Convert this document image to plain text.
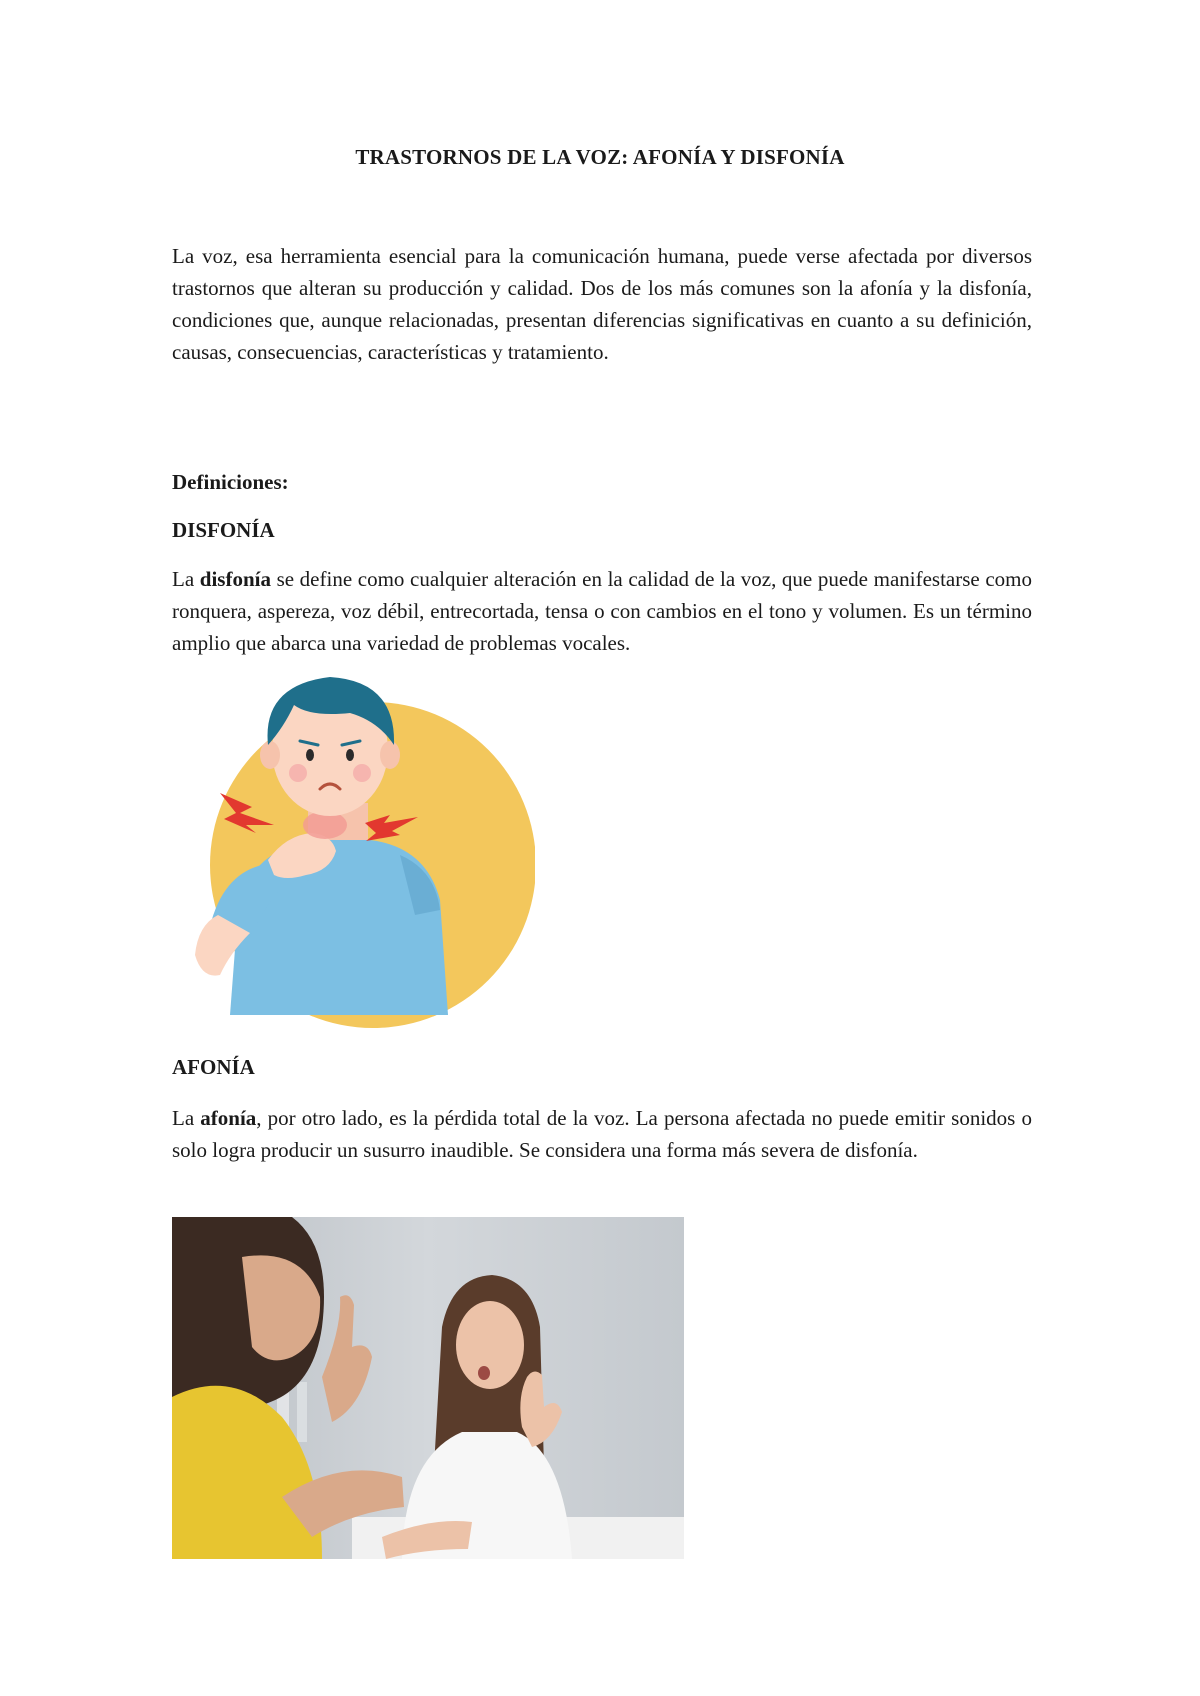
TRASTORNOS DE LA VOZ: AFONÍA Y DISFONÍA

La voz, esa herramienta esencial para la comunicación humana, puede verse afectada por diversos trastornos que alteran su producción y calidad. Dos de los más comunes son la afonía y la disfonía, condiciones que, aunque relacionadas, presentan diferencias significativas en cuanto a su definición, causas, consecuencias, características y tratamiento.

Definiciones:
DISFONÍA

La disfonía se define como cualquier alteración en la calidad de la voz, que puede manifestarse como ronquera, aspereza, voz débil, entrecortada, tensa o con cambios en el tono y volumen. Es un término amplio que abarca una variedad de problemas vocales.

AFONÍA

La afonía, por otro lado, es la pérdida total de la voz. La persona afectada no puede emitir sonidos o solo logra producir un susurro inaudible. Se considera una forma más severa de disfonía.
